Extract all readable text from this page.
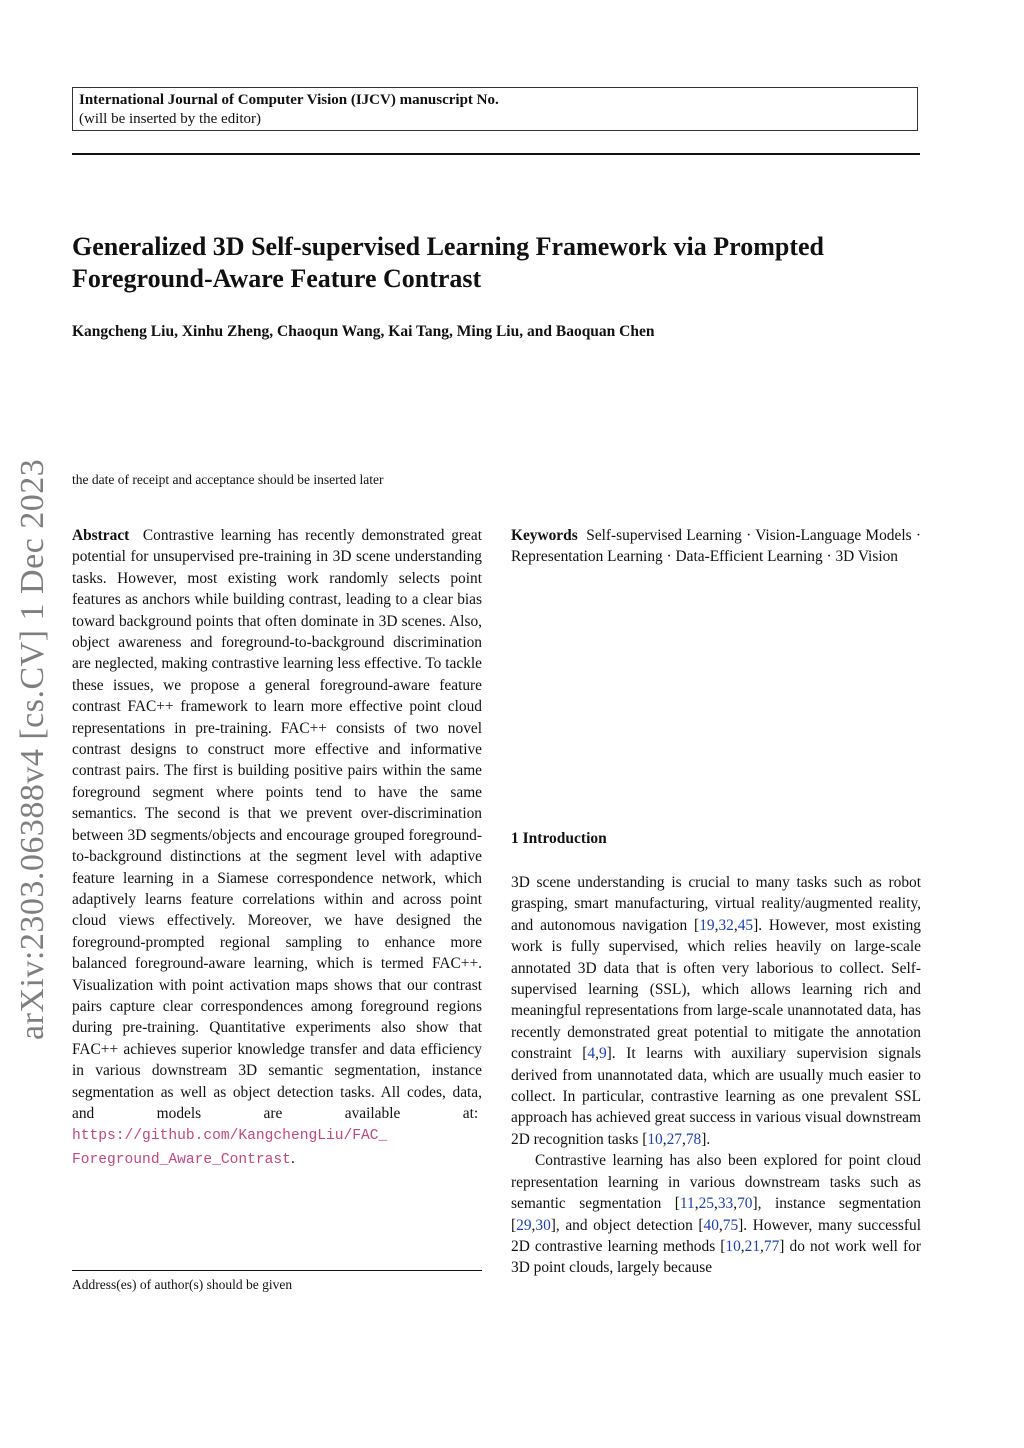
International Journal of Computer Vision (IJCV) manuscript No.
(will be inserted by the editor)
Generalized 3D Self-supervised Learning Framework via Prompted
Foreground-Aware Feature Contrast
Kangcheng Liu, Xinhu Zheng, Chaoqun Wang, Kai Tang, Ming Liu, and Baoquan Chen
arXiv:2303.06388v4 [cs.CV] 1 Dec 2023 the date of receipt and acceptance should be inserted later
Abstract Contrastive learning has recently demonstrated great potential for unsupervised pre-training in 3D scene understanding tasks. However, most existing work randomly selects point features as anchors while building contrast, leading to a clear bias toward background points that often dominate in 3D scenes. Also, object awareness and foreground-to-background discrimination are neglected, making contrastive learning less effective. To tackle these issues, we propose a general foreground-aware feature contrast FAC++ framework to learn more effective point cloud representations in pre-training. FAC++ consists of two novel contrast designs to construct more effective and informative contrast pairs. The first is building positive pairs within the same foreground segment where points tend to have the same semantics. The second is that we prevent over-discrimination between 3D segments/objects and encourage grouped foreground-to-background distinctions at the segment level with adaptive feature learning in a Siamese correspondence network, which adaptively learns feature correlations within and across point cloud views effectively. Moreover, we have designed the foreground-prompted regional sampling to enhance more balanced foreground-aware learning, which is termed FAC++. Visualization with point activation maps shows that our contrast pairs capture clear correspondences among foreground regions during pre-training. Quantitative experiments also show that FAC++ achieves superior knowledge transfer and data efficiency in various downstream 3D semantic segmentation, instance segmentation as well as object detection tasks. All codes, data, and models are available at:  https://github.com/KangchengLiu/FAC_ Foreground_Aware_Contrast.
Keywords Self-supervised Learning · Vision-Language Models · Representation Learning · Data-Efficient Learning · 3D Vision
1 Introduction

3D scene understanding is crucial to many tasks such as robot grasping, smart manufacturing, virtual reality/augmented reality, and autonomous navigation [19,32,45]. However, most existing work is fully supervised, which relies heavily on large-scale annotated 3D data that is often very laborious to collect. Self-supervised learning (SSL), which allows learning rich and meaningful representations from large-scale unannotated data, has recently demonstrated great potential to mitigate the annotation constraint [4,9]. It learns with auxiliary supervision signals derived from unannotated data, which are usually much easier to collect. In particular, contrastive learning as one prevalent SSL approach has achieved great success in various visual downstream 2D recognition tasks [10,27,78].

Contrastive learning has also been explored for point cloud representation learning in various downstream tasks such as semantic segmentation [11,25,33,70], instance segmentation [29,30], and object detection [40,75]. However, many successful 2D contrastive learning methods [10,21,77] do not work well for 3D point clouds, largely because

Address(es) of author(s) should be given
